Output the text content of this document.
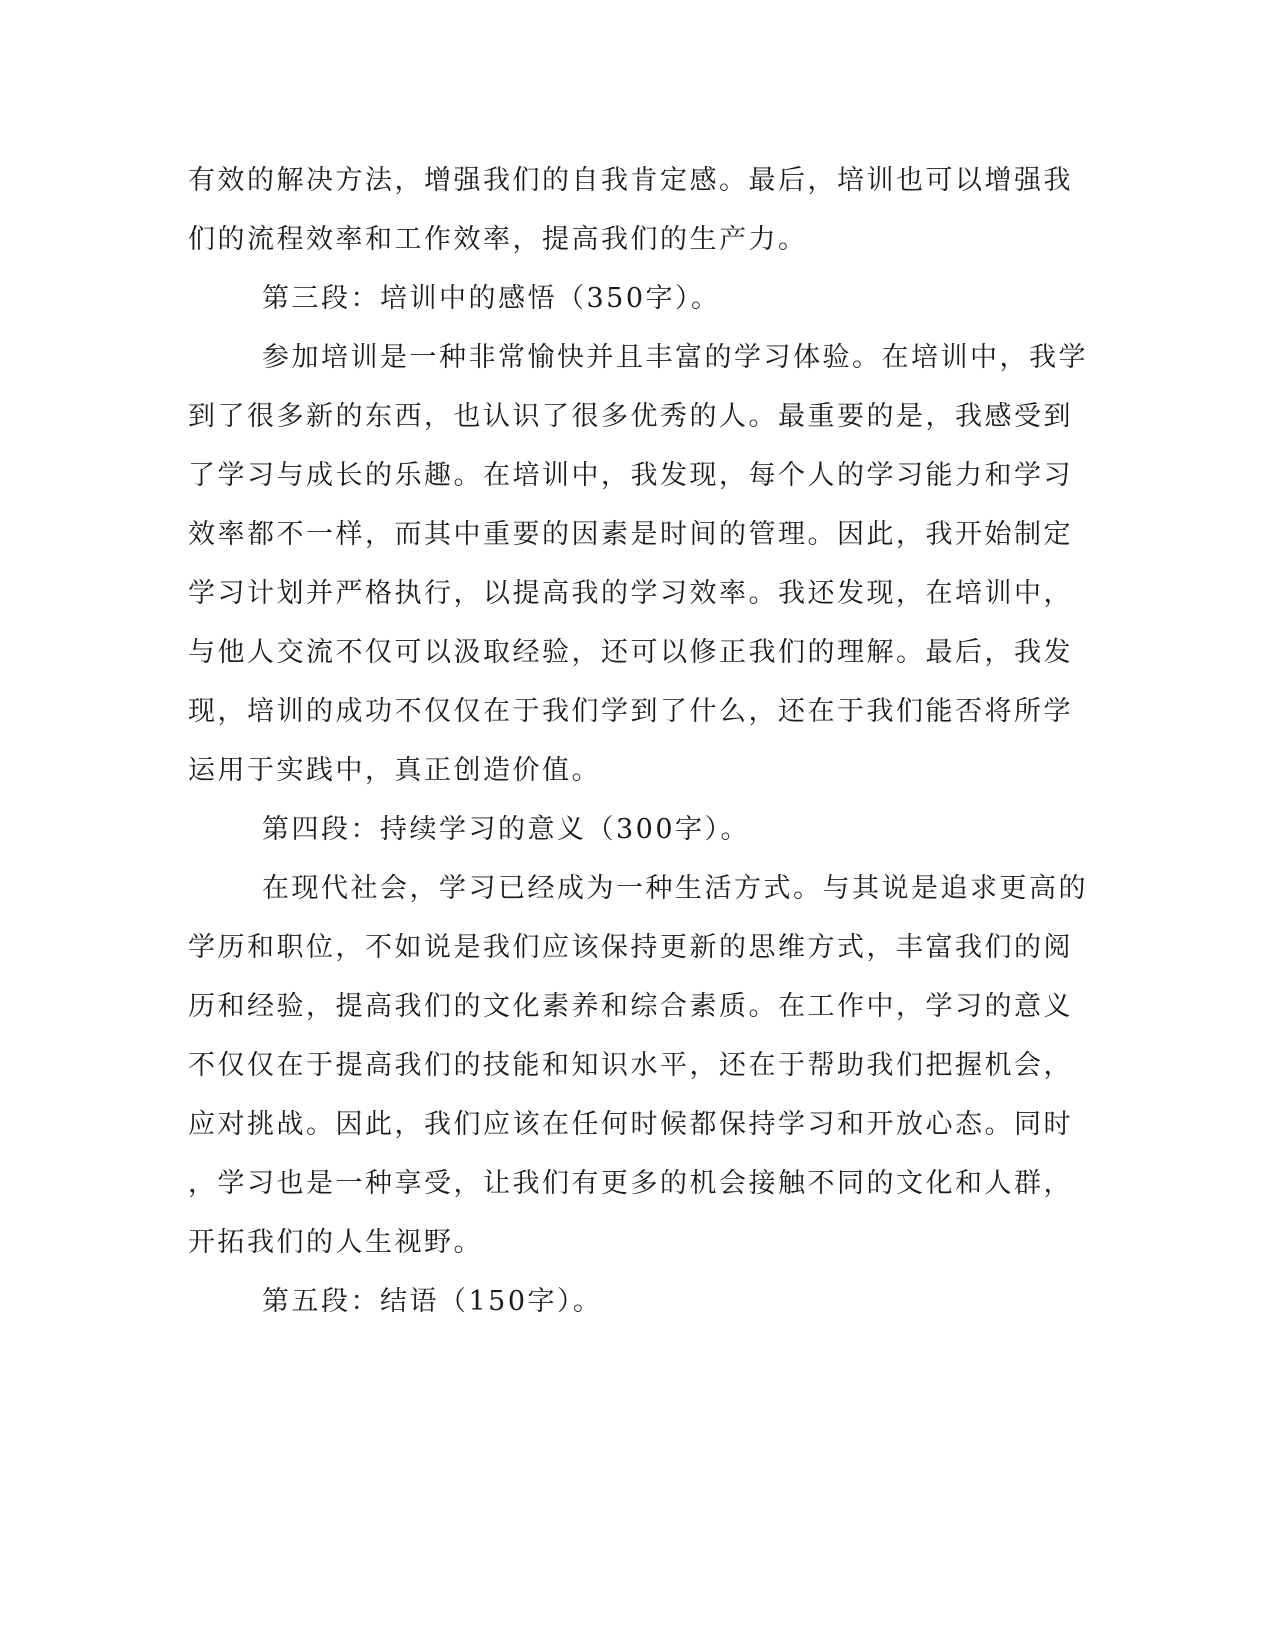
有效的解决方法，增强我们的自我肯定感。最后，培训也可以增强我
们的流程效率和工作效率，提高我们的生产力。
第三段：培训中的感悟（350字）。
参加培训是一种非常愉快并且丰富的学习体验。在培训中，我学
到了很多新的东西，也认识了很多优秀的人。最重要的是，我感受到
了学习与成长的乐趣。在培训中，我发现，每个人的学习能力和学习
效率都不一样，而其中重要的因素是时间的管理。因此，我开始制定
学习计划并严格执行，以提高我的学习效率。我还发现，在培训中，
与他人交流不仅可以汲取经验，还可以修正我们的理解。最后，我发
现，培训的成功不仅仅在于我们学到了什么，还在于我们能否将所学
运用于实践中，真正创造价值。
第四段：持续学习的意义（300字）。
在现代社会，学习已经成为一种生活方式。与其说是追求更高的
学历和职位，不如说是我们应该保持更新的思维方式，丰富我们的阅
历和经验，提高我们的文化素养和综合素质。在工作中，学习的意义
不仅仅在于提高我们的技能和知识水平，还在于帮助我们把握机会，
应对挑战。因此，我们应该在任何时候都保持学习和开放心态。同时
，学习也是一种享受，让我们有更多的机会接触不同的文化和人群，
开拓我们的人生视野。
第五段：结语（150字）。
